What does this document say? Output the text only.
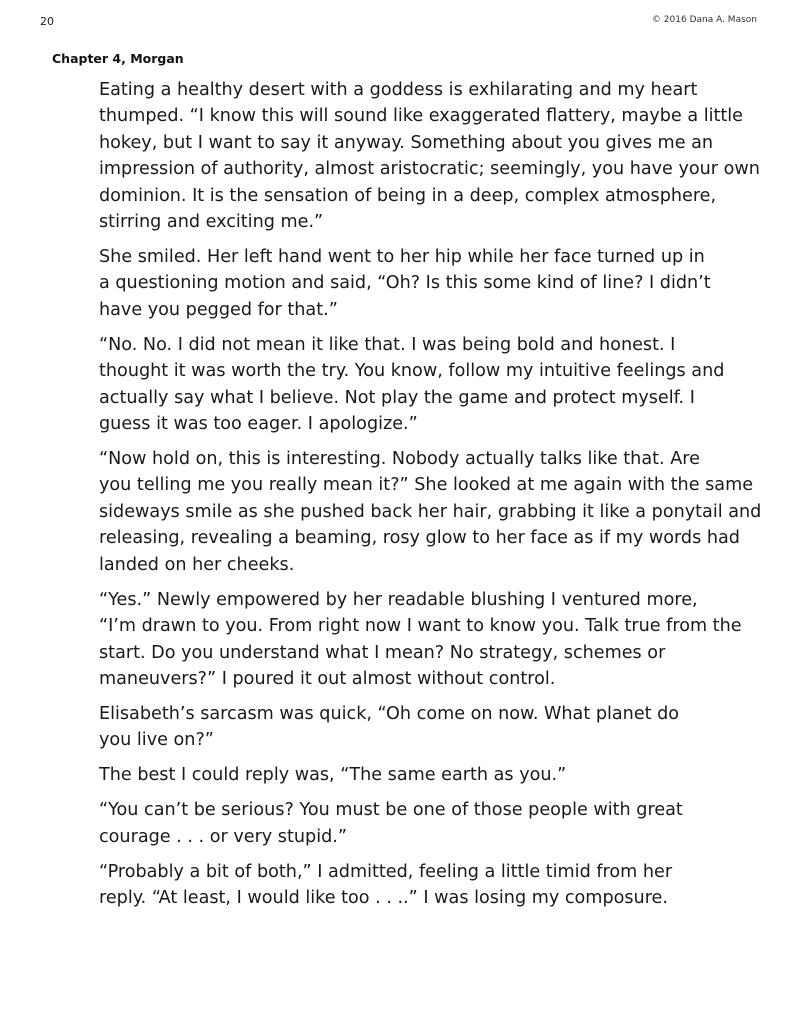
20	© 2016 Dana A. Mason
Chapter 4, Morgan
Eating a healthy desert with a goddess is exhilarating and my heart
thumped. “I know this will sound like exaggerated flattery, maybe a little
hokey, but I want to say it anyway. Something about you gives me an
impression of authority, almost aristocratic; seemingly, you have your own
dominion. It is the sensation of being in a deep, complex atmosphere,
stirring and exciting me.”
She smiled. Her left hand went to her hip while her face turned up in
a questioning motion and said, “Oh? Is this some kind of line? I didn’t
have you pegged for that.”
“No. No. I did not mean it like that. I was being bold and honest. I
thought it was worth the try. You know, follow my intuitive feelings and
actually say what I believe. Not play the game and protect myself. I
guess it was too eager. I apologize.”
“Now hold on, this is interesting. Nobody actually talks like that. Are
you telling me you really mean it?” She looked at me again with the same
sideways smile as she pushed back her hair, grabbing it like a ponytail and
releasing, revealing a beaming, rosy glow to her face as if my words had
landed on her cheeks.
“Yes.” Newly empowered by her readable blushing I ventured more,
“I’m drawn to you. From right now I want to know you. Talk true from the
start. Do you understand what I mean? No strategy, schemes or
maneuvers?” I poured it out almost without control.
Elisabeth’s sarcasm was quick, “Oh come on now. What planet do
you live on?”
The best I could reply was, “The same earth as you.”
“You can’t be serious? You must be one of those people with great
courage . . . or very stupid.”
“Probably a bit of both,” I admitted, feeling a little timid from her
reply. “At least, I would like too . . ..” I was losing my composure.
